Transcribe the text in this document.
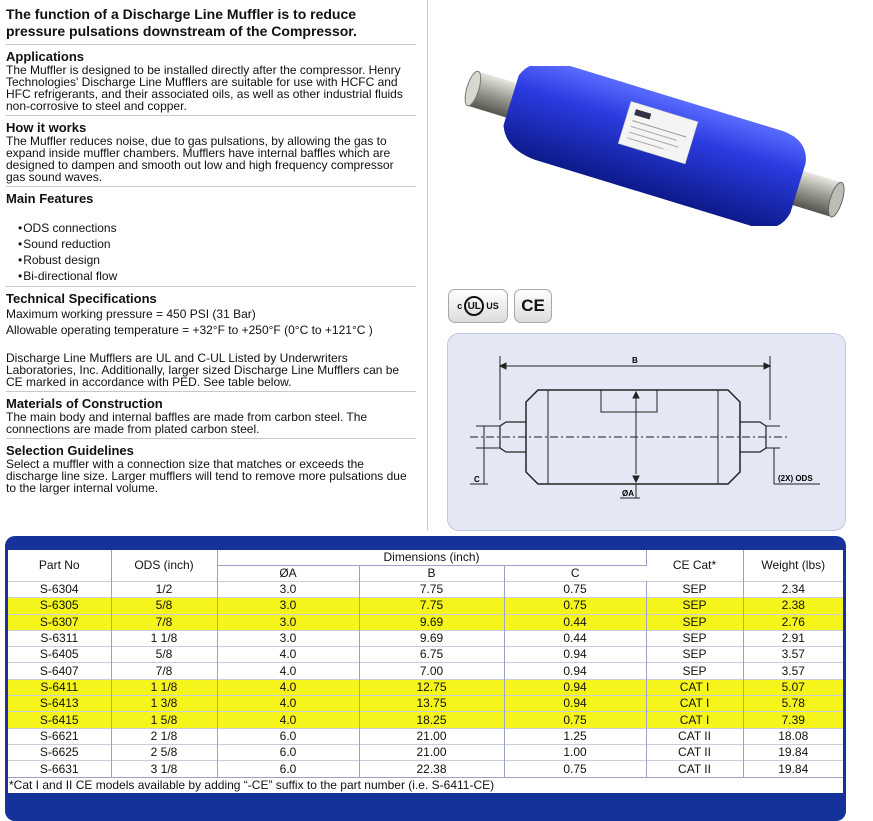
The function of a Discharge Line Muffler is to reduce pressure pulsations downstream of the Compressor.
Applications

The Muffler is designed to be installed directly after the compressor. Henry Technologies' Discharge Line Mufflers are suitable for use with HCFC and HFC refrigerants, and their associated oils, as well as other industrial fluids non-corrosive to steel and copper.

How it works

The Muffler reduces noise, due to gas pulsations, by allowing the gas to expand inside muffler chambers. Mufflers have internal baffles which are designed to dampen and smooth out low and high frequency compressor gas sound waves.

Main Features
• ODS connections
• Sound reduction
• Robust design
• Bi-directional flow
Technical Specifications
Maximum working pressure = 450 PSI (31 Bar)
Allowable operating temperature = +32°F to +250°F (0°C to +121°C )

Discharge Line Mufflers are UL and C-UL Listed by Underwriters Laboratories, Inc. Additionally, larger sized Discharge Line Mufflers can be CE marked in accordance with PED. See table below.

Materials of Construction

The main body and internal baffles are made from carbon steel. The connections are made from plated carbon steel.

Selection Guidelines

Select a muffler with a connection size that matches or exceeds the discharge line size. Larger mufflers will tend to remove more pulsations due to the larger internal volume.

c UL US	CE
B
C
ØA
(2X) ODS
Part No	ODS (inch)	Dimensions (inch)			CE Cat*	Weight (lbs)
		ØA	B	C		
S-6304	1/2	3.0	7.75	0.75	SEP	2.34
S-6305	5/8	3.0	7.75	0.75	SEP	2.38
S-6307	7/8	3.0	9.69	0.44	SEP	2.76
S-6311	1 1/8	3.0	9.69	0.44	SEP	2.91
S-6405	5/8	4.0	6.75	0.94	SEP	3.57
S-6407	7/8	4.0	7.00	0.94	SEP	3.57
S-6411	1 1/8	4.0	12.75	0.94	CAT I	5.07
S-6413	1 3/8	4.0	13.75	0.94	CAT I	5.78
S-6415	1 5/8	4.0	18.25	0.75	CAT I	7.39
S-6621	2 1/8	6.0	21.00	1.25	CAT II	18.08
S-6625	2 5/8	6.0	21.00	1.00	CAT II	19.84
S-6631	3 1/8	6.0	22.38	0.75	CAT II	19.84
*Cat I and II CE models available by adding “-CE” suffix to the part number (i.e. S-6411-CE)
